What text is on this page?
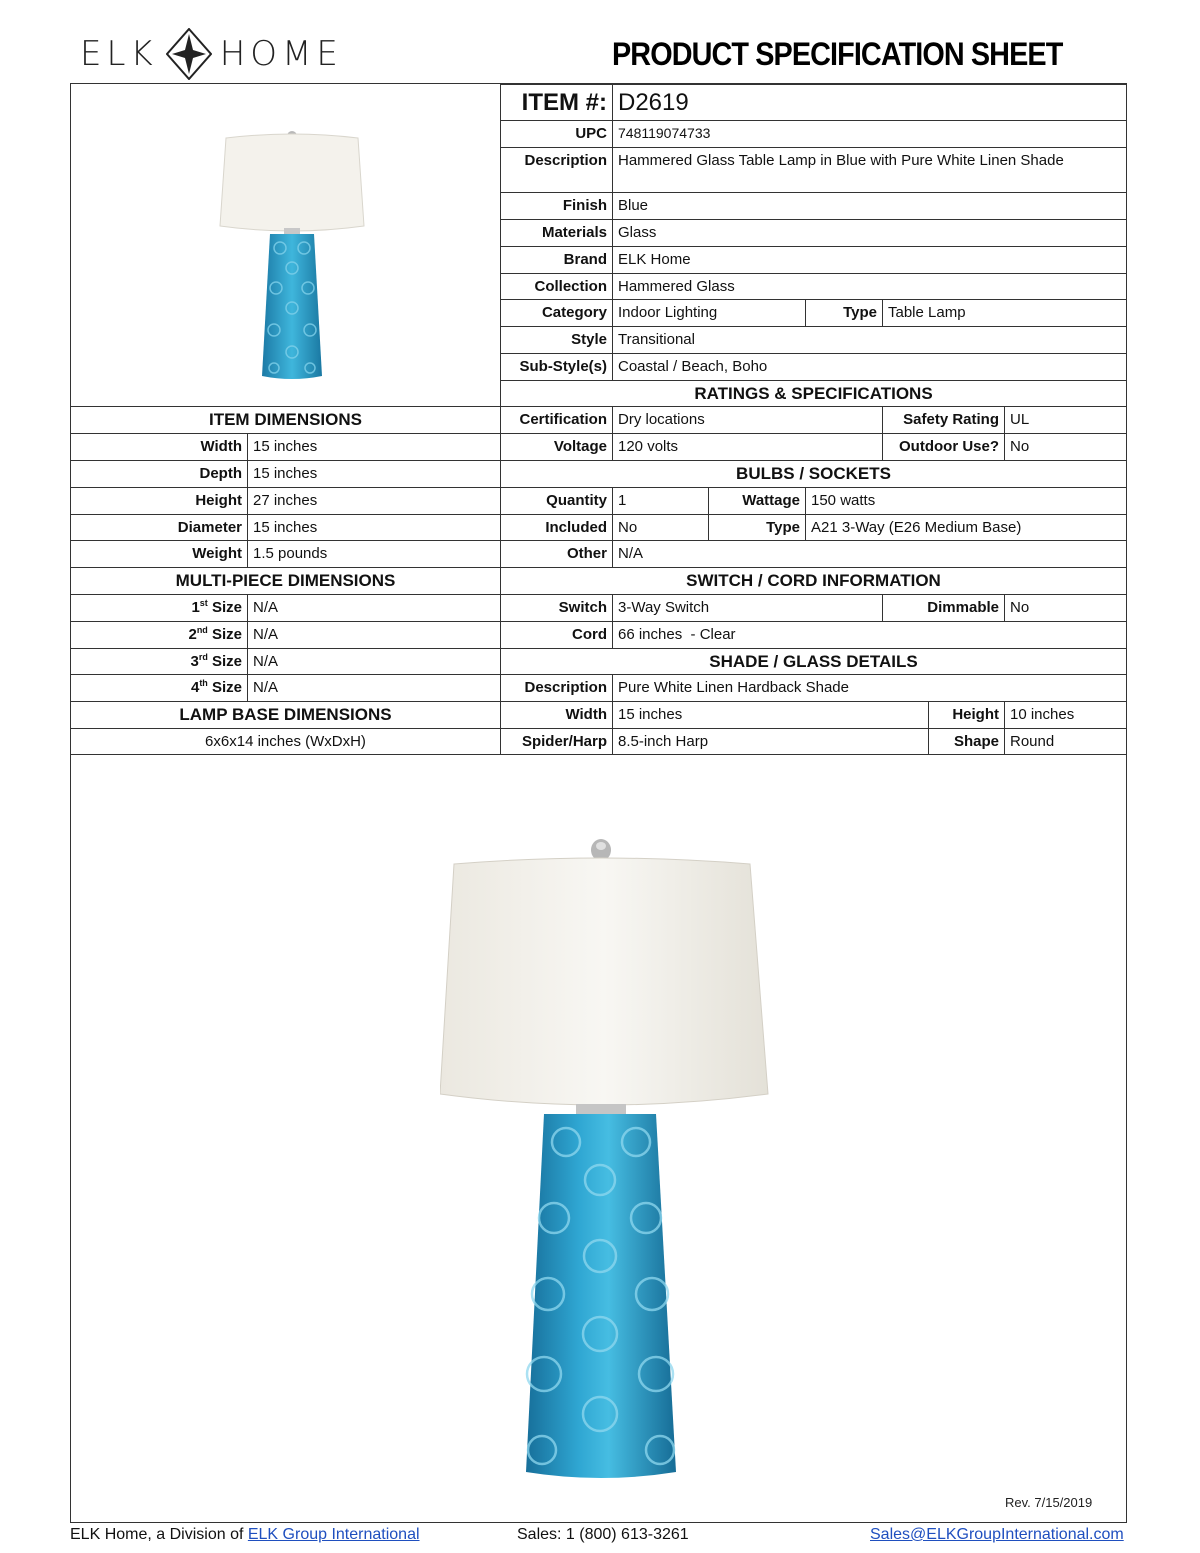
ELK HOME	PRODUCT SPECIFICATION SHEET
ITEM #: D2619
UPC 748119074733
Description Hammered Glass Table Lamp in Blue with Pure White Linen Shade
Finish Blue
Materials Glass
Brand ELK Home
Collection Hammered Glass
Category Indoor Lighting	Type Table Lamp
Style Transitional
Sub-Style(s) Coastal / Beach, Boho
RATINGS & SPECIFICATIONS
ITEM DIMENSIONS	Certification Dry locations	Safety Rating UL
Width 15 inches	Voltage 120 volts	Outdoor Use? No
Depth 15 inches	BULBS / SOCKETS
Height 27 inches	Quantity 1	Wattage 150 watts
Diameter 15 inches	Included No	Type A21 3-Way (E26 Medium Base)
Weight 1.5 pounds	Other N/A
MULTI-PIECE DIMENSIONS	SWITCH / CORD INFORMATION
1st Size N/A	Switch 3-Way Switch	Dimmable No
2nd Size N/A	Cord 66 inches  - Clear
3rd Size N/A	SHADE / GLASS DETAILS
4th Size N/A	Description Pure White Linen Hardback Shade
LAMP BASE DIMENSIONS	Width 15 inches	Height 10 inches
6x6x14 inches (WxDxH)	Spider/Harp 8.5-inch Harp	Shape Round
Rev. 7/15/2019
ELK Home, a Division of ELK Group International	Sales: 1 (800) 613-3261	Sales@ELKGroupInternational.com
